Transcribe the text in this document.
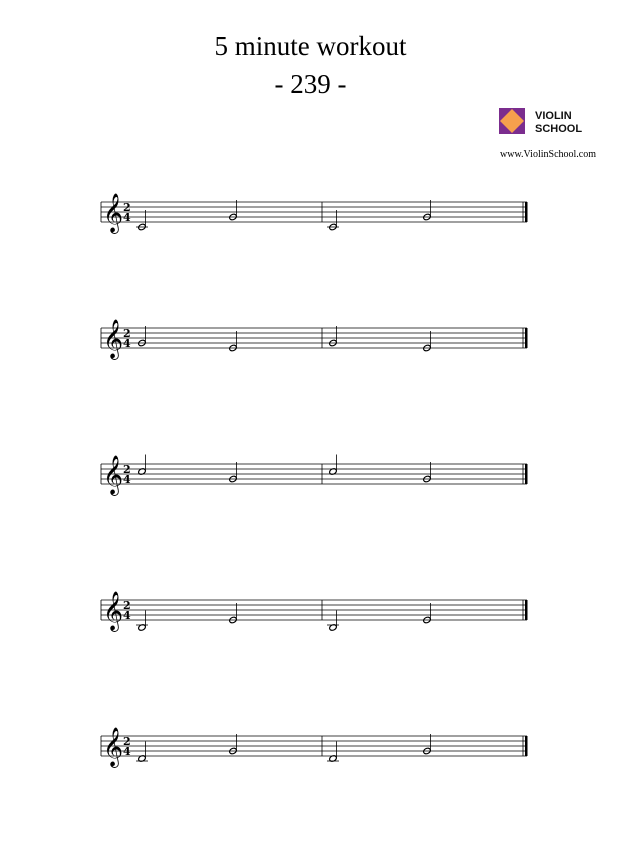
5 minute workout
- 239 -
VIOLIN
SCHOOL
www.ViolinSchool.com
𝄞 2
4
𝄞 2
4
𝄞 2
4
𝄞 2
4
𝄞 2
4
